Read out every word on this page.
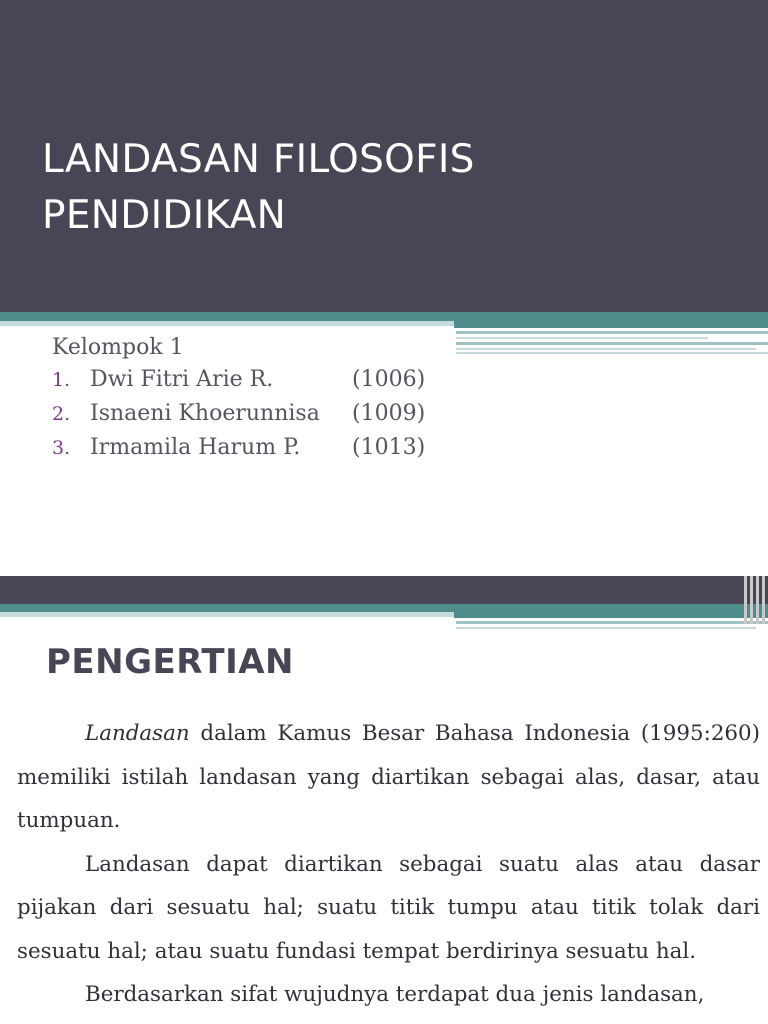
LANDASAN FILOSOFIS
PENDIDIKAN
Kelompok 1
1. Dwi Fitri Arie R.	(1006)
2. Isnaeni Khoerunnisa (1009)
3. Irmamila Harum P. (1013)
PENGERTIAN

Landasan dalam Kamus Besar Bahasa Indonesia (1995:260) memiliki istilah landasan yang diartikan sebagai alas, dasar, atau tumpuan.

Landasan dapat diartikan sebagai suatu alas atau dasar pijakan dari sesuatu hal; suatu titik tumpu atau titik tolak dari sesuatu hal; atau suatu fundasi tempat berdirinya sesuatu hal.

Berdasarkan sifat wujudnya terdapat dua jenis landasan,
